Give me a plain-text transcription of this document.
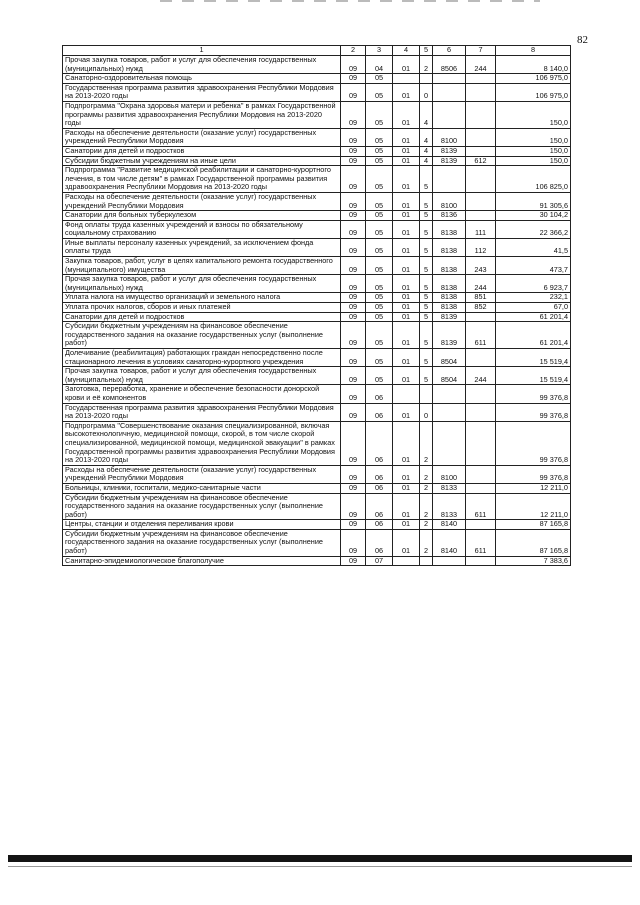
82
1	2	3	4	5	6	7	8
Прочая закупка товаров, работ и услуг для обеспечения государственных (муниципальных) нужд	09	04	01	2	8506	244	8 140,0
Санаторно-оздоровительная помощь	09	05					106 975,0
Государственная программа развития здравоохранения Республики Мордовия на 2013-2020 годы	09	05	01	0			106 975,0
Подпрограмма "Охрана здоровья матери и ребенка" в рамках Государственной программы развития здравоохранения Республики Мордовия на 2013-2020 годы	09	05	01	4			150,0
Расходы на обеспечение деятельности (оказание услуг) государственных учреждений Республики Мордовия	09	05	01	4	8100		150,0
Санатории для детей и подростков	09	05	01	4	8139		150,0
Субсидии бюджетным учреждениям на иные цели	09	05	01	4	8139	612	150,0
Подпрограмма "Развитие медицинской реабилитации и санаторно-курортного лечения, в том числе детям" в рамках Государственной программы развития здравоохранения Республики Мордовия на 2013-2020 годы	09	05	01	5			106 825,0
Расходы на обеспечение деятельности (оказание услуг) государственных учреждений Республики Мордовия	09	05	01	5	8100		91 305,6
Санатории для больных туберкулезом	09	05	01	5	8136		30 104,2
Фонд оплаты труда казенных учреждений и взносы по обязательному социальному страхованию	09	05	01	5	8138	111	22 366,2
Иные выплаты персоналу казенных учреждений, за исключением фонда оплаты труда	09	05	01	5	8138	112	41,5
Закупка товаров, работ, услуг в целях капитального ремонта государственного (муниципального) имущества	09	05	01	5	8138	243	473,7
Прочая закупка товаров, работ и услуг для обеспечения государственных (муниципальных) нужд	09	05	01	5	8138	244	6 923,7
Уплата налога на имущество организаций и земельного налога	09	05	01	5	8138	851	232,1
Уплата прочих налогов, сборов и иных платежей	09	05	01	5	8138	852	67,0
Санатории для детей и подростков	09	05	01	5	8139		61 201,4
Субсидии бюджетным учреждениям на финансовое обеспечение государственного задания на оказание государственных услуг (выполнение работ)	09	05	01	5	8139	611	61 201,4
Долечивание (реабилитация) работающих граждан непосредственно после стационарного лечения в условиях санаторно-курортного учреждения	09	05	01	5	8504		15 519,4
Прочая закупка товаров, работ и услуг для обеспечения государственных (муниципальных) нужд	09	05	01	5	8504	244	15 519,4
Заготовка, переработка, хранение и обеспечение безопасности донорской крови и её компонентов	09	06					99 376,8
Государственная программа развития здравоохранения Республики Мордовия на 2013-2020 годы	09	06	01	0			99 376,8
Подпрограмма "Совершенствование оказания специализированной, включая высокотехнологичную, медицинской помощи, скорой, в том числе скорой специализированной, медицинской помощи, медицинской эвакуации" в рамках Государственной программы развития здравоохранения Республики Мордовия на 2013-2020 годы	09	06	01	2			99 376,8
Расходы на обеспечение деятельности (оказание услуг) государственных учреждений Республики Мордовия	09	06	01	2	8100		99 376,8
Больницы, клиники, госпитали, медико-санитарные части	09	06	01	2	8133		12 211,0
Субсидии бюджетным учреждениям на финансовое обеспечение государственного задания на оказание государственных услуг (выполнение работ)	09	06	01	2	8133	611	12 211,0
Центры, станции и отделения переливания крови	09	06	01	2	8140		87 165,8
Субсидии бюджетным учреждениям на финансовое обеспечение государственного задания на оказание государственных услуг (выполнение работ)	09	06	01	2	8140	611	87 165,8
Санитарно-эпидемиологическое благополучие	09	07					7 383,6
